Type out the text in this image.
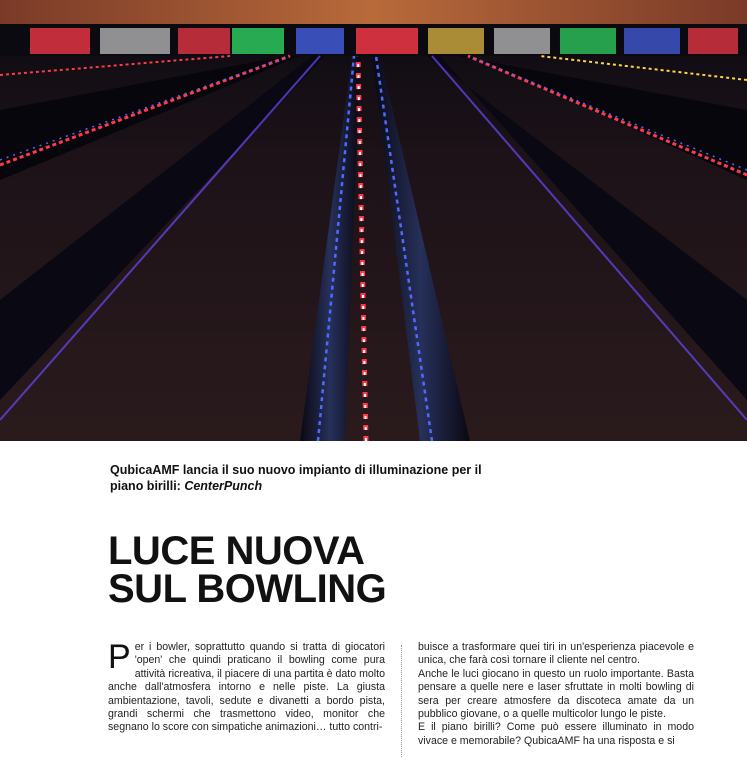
QubicaAMF lancia il suo nuovo impianto di illuminazione per il piano birilli: CenterPunch
LUCE NUOVA
SUL BOWLING
P er i bowler, soprattutto quando si tratta di giocatori 'open' che quindi praticano il bowling come pura attività ricreativa, il piacere di una partita è dato molto anche dall'atmosfera intorno e nelle piste. La giusta ambientazione, tavoli, sedute e divanetti a bordo pista, grandi schermi che trasmettono video, monitor che segnano lo score con simpatiche animazioni… tutto contri-

buisce a trasformare quei tiri in un'esperienza piacevole e unica, che farà così tornare il cliente nel centro.

Anche le luci giocano in questo un ruolo importante. Basta pensare a quelle nere e laser sfruttate in molti bowling di sera per creare atmosfere da discoteca amate da un pubblico giovane, o a quelle multicolor lungo le piste.

E il piano birilli? Come può essere illuminato in modo vivace e memorabile? QubicaAMF ha una risposta e si
